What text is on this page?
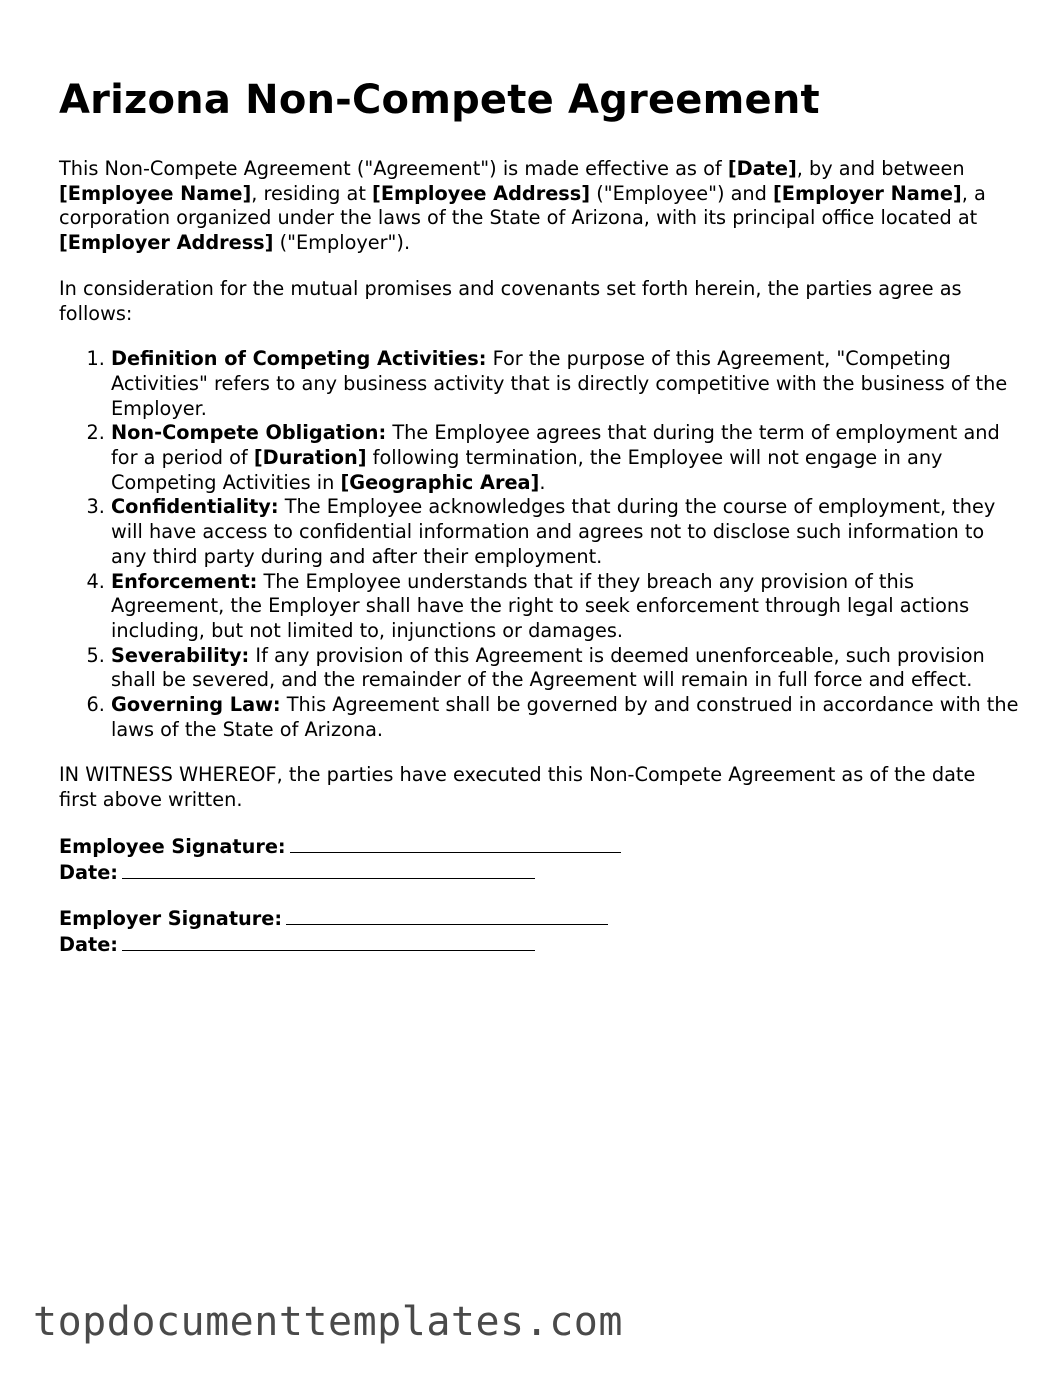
Arizona Non-Compete Agreement

This Non-Compete Agreement ("Agreement") is made effective as of [Date], by and between [Employee Name], residing at [Employee Address] ("Employee") and [Employer Name], a corporation organized under the laws of the State of Arizona, with its principal office located at [Employer Address] ("Employer").

In consideration for the mutual promises and covenants set forth herein, the parties agree as follows:

1. Definition of Competing Activities: For the purpose of this Agreement, "Competing Activities" refers to any business activity that is directly competitive with the business of the Employer.
2. Non-Compete Obligation: The Employee agrees that during the term of employment and for a period of [Duration] following termination, the Employee will not engage in any Competing Activities in [Geographic Area].
3. Confidentiality: The Employee acknowledges that during the course of employment, they will have access to confidential information and agrees not to disclose such information to any third party during and after their employment.
4. Enforcement: The Employee understands that if they breach any provision of this Agreement, the Employer shall have the right to seek enforcement through legal actions including, but not limited to, injunctions or damages.
5. Severability: If any provision of this Agreement is deemed unenforceable, such provision shall be severed, and the remainder of the Agreement will remain in full force and effect.
6. Governing Law: This Agreement shall be governed by and construed in accordance with the laws of the State of Arizona.

IN WITNESS WHEREOF, the parties have executed this Non-Compete Agreement as of the date first above written.

Employee Signature:
Date:
Employer Signature:
Date:
topdocumenttemplates.com
